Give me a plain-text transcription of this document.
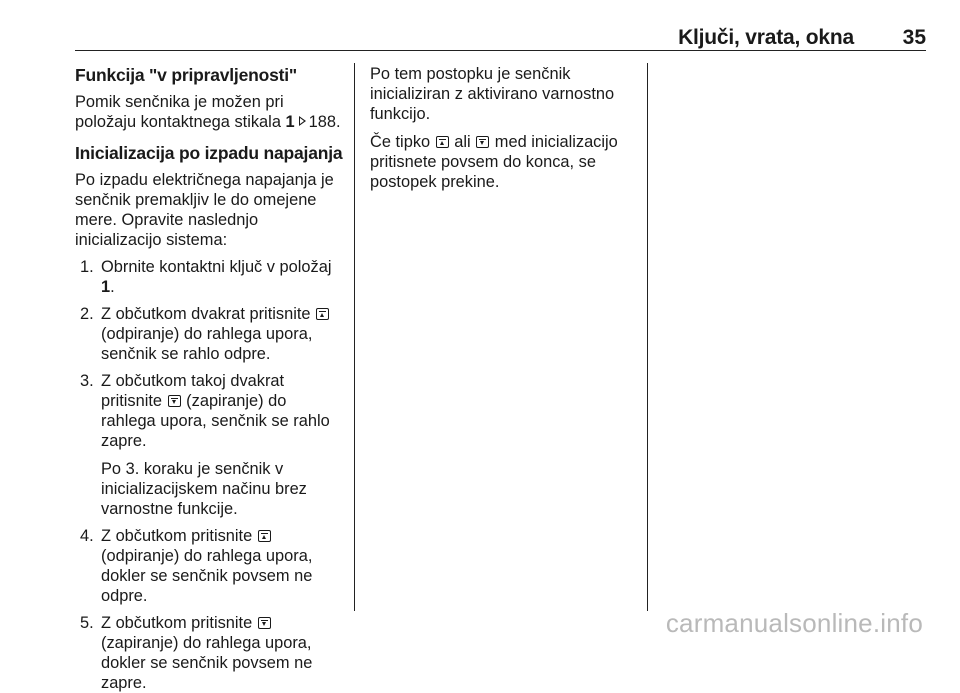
Ključi, vrata, okna 35
Funkcija "v pripravljenosti"

Pomik senčnika je možen pri položaju kontaktnega stikala 1 188.

Inicializacija po izpadu napajanja

Po izpadu električnega napajanja je senčnik premakljiv le do omejene mere. Opravite naslednjo inicializacijo sistema:

1. Obrnite kontaktni ključ v položaj 1.
2. Z občutkom dvakrat pritisnite  (odpiranje) do rahlega upora, senčnik se rahlo odpre.
3. Z občutkom takoj dvakrat pritisnite (zapiranje) do rahlega upora, senčnik se rahlo zapre.

Po 3. koraku je senčnik v inicializacijskem načinu brez varnostne funkcije.

4. Z občutkom pritisnite  (odpiranje) do rahlega upora, dokler se senčnik povsem ne odpre.
5. Z občutkom pritisnite  (zapiranje) do rahlega upora, dokler se senčnik povsem ne zapre.

Po tem postopku je senčnik inicializiran z aktivirano varnostno funkcijo.

Če tipko ali med inicializacijo pritisnete povsem do konca, se postopek prekine.

carmanualsonline.info
